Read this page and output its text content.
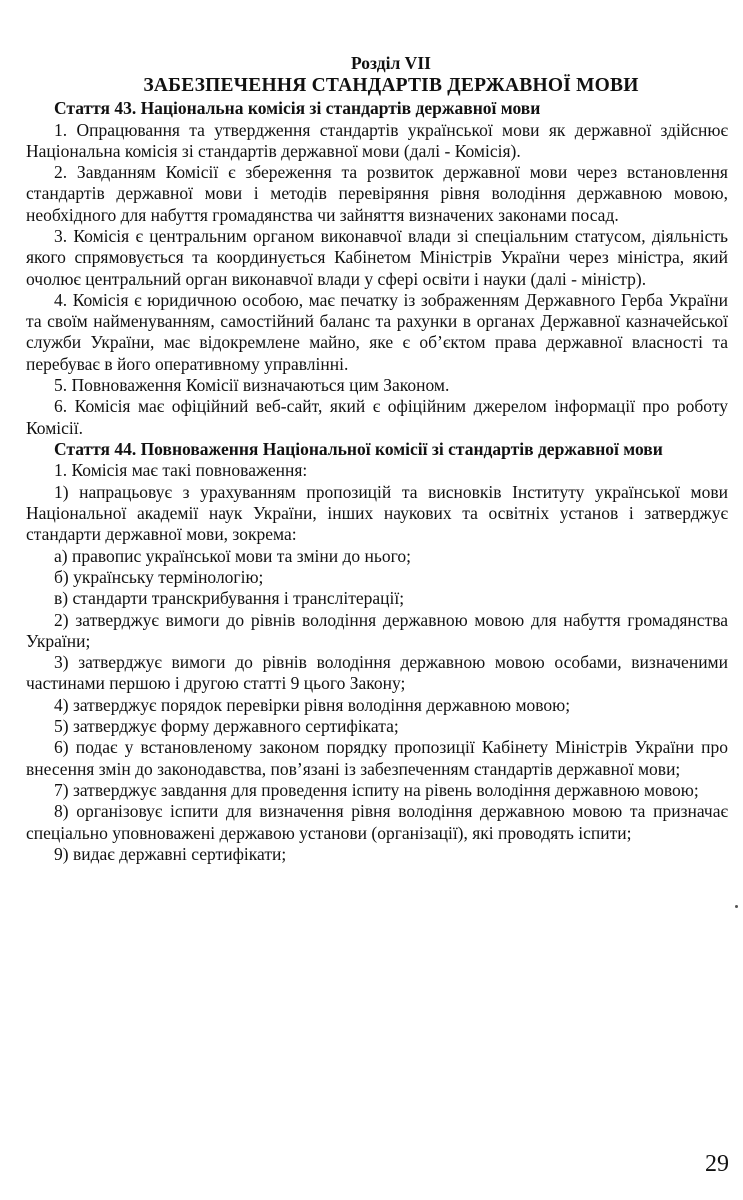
Розділ VII
ЗАБЕЗПЕЧЕННЯ СТАНДАРТІВ ДЕРЖАВНОЇ МОВИ
Стаття 43. Національна комісія зі стандартів державної мови

1. Опрацювання та утвердження стандартів української мови як державної здійснює Національна комісія зі стандартів державної мови (далі - Комісія).

2. Завданням Комісії є збереження та розвиток державної мови через встановлення стандартів державної мови і методів перевіряння рівня володіння державною мовою, необхідного для набуття громадянства чи зайняття визначених законами посад.

3. Комісія є центральним органом виконавчої влади зі спеціальним статусом, діяльність якого спрямовується та координується Кабінетом Міністрів України через міністра, який очолює центральний орган виконавчої влади у сфері освіти і науки (далі - міністр).

4. Комісія є юридичною особою, має печатку із зображенням Державного Герба України та своїм найменуванням, самостійний баланс та рахунки в органах Державної казначейської служби України, має відокремлене майно, яке є об’єктом права державної власності та перебуває в його оперативному управлінні.

5. Повноваження Комісії визначаються цим Законом.

6. Комісія має офіційний веб-сайт, який є офіційним джерелом інформації про роботу Комісії.

Стаття 44. Повноваження Національної комісії зі стандартів державної мови

1. Комісія має такі повноваження:

1) напрацьовує з урахуванням пропозицій та висновків Інституту української мови Національної академії наук України, інших наукових та освітніх установ і затверджує стандарти державної мови, зокрема:

а) правопис української мови та зміни до нього;

б) українську термінологію;

в) стандарти транскрибування і транслітерації;

2) затверджує вимоги до рівнів володіння державною мовою для набуття громадянства України;

3) затверджує вимоги до рівнів володіння державною мовою особами, визначеними частинами першою і другою статті 9 цього Закону;

4) затверджує порядок перевірки рівня володіння державною мовою;

5) затверджує форму державного сертифіката;

6) подає у встановленому законом порядку пропозиції Кабінету Міністрів України про внесення змін до законодавства, пов’язані із забезпеченням стандартів державної мови;

7) затверджує завдання для проведення іспиту на рівень володіння державною мовою;

8) організовує іспити для визначення рівня володіння державною мовою та призначає спеціально уповноважені державою установи (організації), які проводять іспити;

9) видає державні сертифікати;

29
